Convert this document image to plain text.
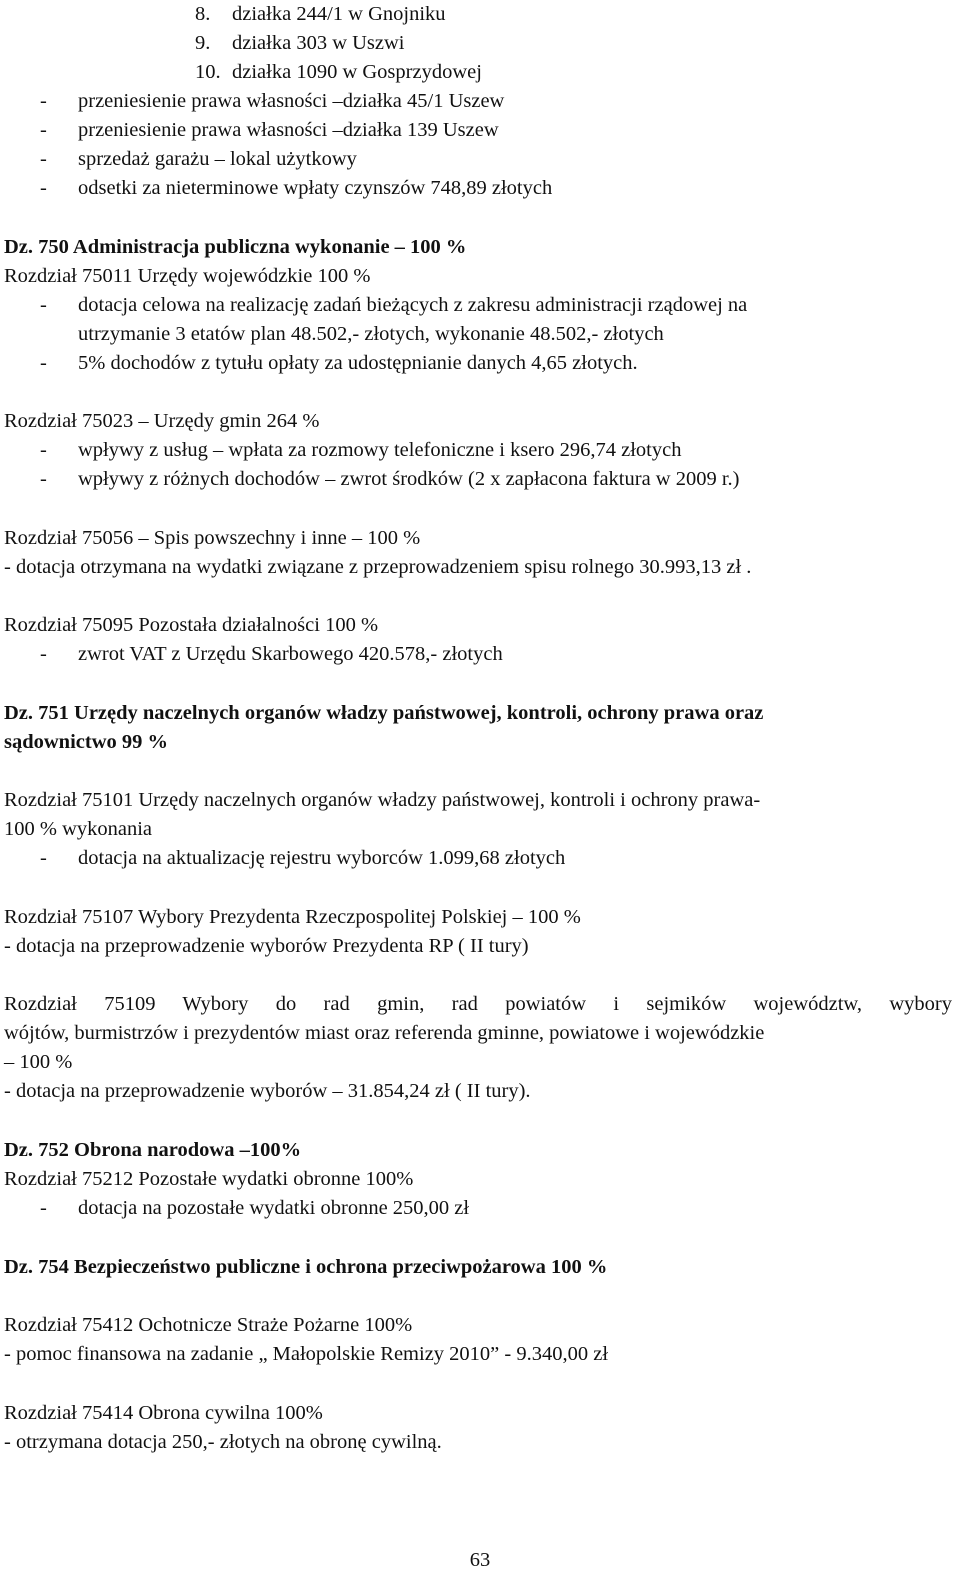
8. działka 244/1 w Gnojniku
9. działka 303 w Uszwi
10. działka 1090 w Gosprzydowej
- przeniesienie prawa własności –działka 45/1 Uszew
- przeniesienie prawa własności –działka 139 Uszew
- sprzedaż garażu – lokal użytkowy
- odsetki za nieterminowe wpłaty czynszów 748,89 złotych
Dz. 750 Administracja publiczna wykonanie – 100 %
Rozdział 75011 Urzędy wojewódzkie 100 %
- dotacja celowa na realizację zadań bieżących z zakresu administracji rządowej na
utrzymanie 3 etatów plan 48.502,- złotych, wykonanie 48.502,- złotych
- 5% dochodów z tytułu opłaty za udostępnianie danych 4,65 złotych.
Rozdział 75023 – Urzędy gmin 264 %
- wpływy z usług – wpłata za rozmowy telefoniczne i ksero 296,74 złotych
- wpływy z różnych dochodów – zwrot środków (2 x zapłacona faktura w 2009 r.)
Rozdział 75056 – Spis powszechny i inne – 100 %
- dotacja otrzymana na wydatki związane z przeprowadzeniem spisu rolnego 30.993,13 zł .
Rozdział 75095 Pozostała działalności 100 %
- zwrot VAT z Urzędu Skarbowego 420.578,- złotych
Dz. 751 Urzędy naczelnych organów władzy państwowej, kontroli, ochrony prawa oraz
sądownictwo 99 %
Rozdział 75101 Urzędy naczelnych organów władzy państwowej, kontroli i ochrony prawa-
100 % wykonania
- dotacja na aktualizację rejestru wyborców 1.099,68 złotych
Rozdział 75107 Wybory Prezydenta Rzeczpospolitej Polskiej – 100 %
- dotacja na przeprowadzenie wyborów Prezydenta RP ( II tury)
Rozdział 75109 Wybory do rad gmin, rad powiatów i sejmików województw, wybory
wójtów, burmistrzów i prezydentów miast oraz referenda gminne, powiatowe i wojewódzkie
– 100 %
- dotacja na przeprowadzenie wyborów – 31.854,24 zł ( II tury).
Dz. 752 Obrona narodowa –100%
Rozdział 75212 Pozostałe wydatki obronne 100%
- dotacja na pozostałe wydatki obronne 250,00 zł
Dz. 754 Bezpieczeństwo publiczne i ochrona przeciwpożarowa 100 %
Rozdział 75412 Ochotnicze Straże Pożarne 100%
- pomoc finansowa na zadanie „ Małopolskie Remizy 2010” - 9.340,00 zł
Rozdział 75414 Obrona cywilna 100%
- otrzymana dotacja 250,- złotych na obronę cywilną.
63
